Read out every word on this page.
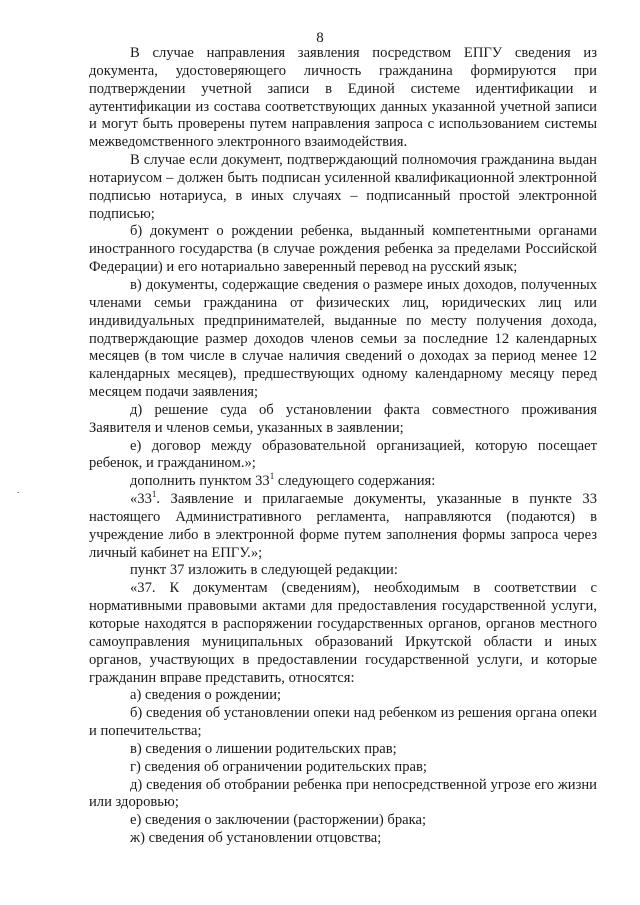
8
.

В случае направления заявления посредством ЕПГУ сведения из документа, удостоверяющего личность гражданина формируются при подтверждении учетной записи в Единой системе идентификации и аутентификации из состава соответствующих данных указанной учетной записи и могут быть проверены путем направления запроса с использованием системы межведомственного электронного взаимодействия.

В случае если документ, подтверждающий полномочия гражданина выдан нотариусом – должен быть подписан усиленной квалификационной электронной подписью нотариуса, в иных случаях – подписанный простой электронной подписью;

б) документ о рождении ребенка, выданный компетентными органами иностранного государства (в случае рождения ребенка за пределами Российской Федерации) и его нотариально заверенный перевод на русский язык;

в) документы, содержащие сведения о размере иных доходов, полученных членами семьи гражданина от физических лиц, юридических лиц или индивидуальных предпринимателей, выданные по месту получения дохода, подтверждающие размер доходов членов семьи за последние 12 календарных месяцев (в том числе в случае наличия сведений о доходах за период менее 12 календарных месяцев), предшествующих одному календарному месяцу перед месяцем подачи заявления;

д) решение суда об установлении факта совместного проживания Заявителя и членов семьи, указанных в заявлении;

е) договор между образовательной организацией, которую посещает ребенок, и гражданином.»;

дополнить пунктом $33^1$ следующего содержания:

«$33^1$. Заявление и прилагаемые документы, указанные в пункте 33 настоящего Административного регламента, направляются (подаются) в учреждение либо в электронной форме путем заполнения формы запроса через личный кабинет на ЕПГУ.»;

пункт 37 изложить в следующей редакции:

«37. К документам (сведениям), необходимым в соответствии с нормативными правовыми актами для предоставления государственной услуги, которые находятся в распоряжении государственных органов, органов местного самоуправления муниципальных образований Иркутской области и иных органов, участвующих в предоставлении государственной услуги, и которые гражданин вправе представить, относятся:

а) сведения о рождении;

б) сведения об установлении опеки над ребенком из решения органа опеки и попечительства;

в) сведения о лишении родительских прав;

г) сведения об ограничении родительских прав;

д) сведения об отобрании ребенка при непосредственной угрозе его жизни или здоровью;

е) сведения о заключении (расторжении) брака;

ж) сведения об установлении отцовства;
